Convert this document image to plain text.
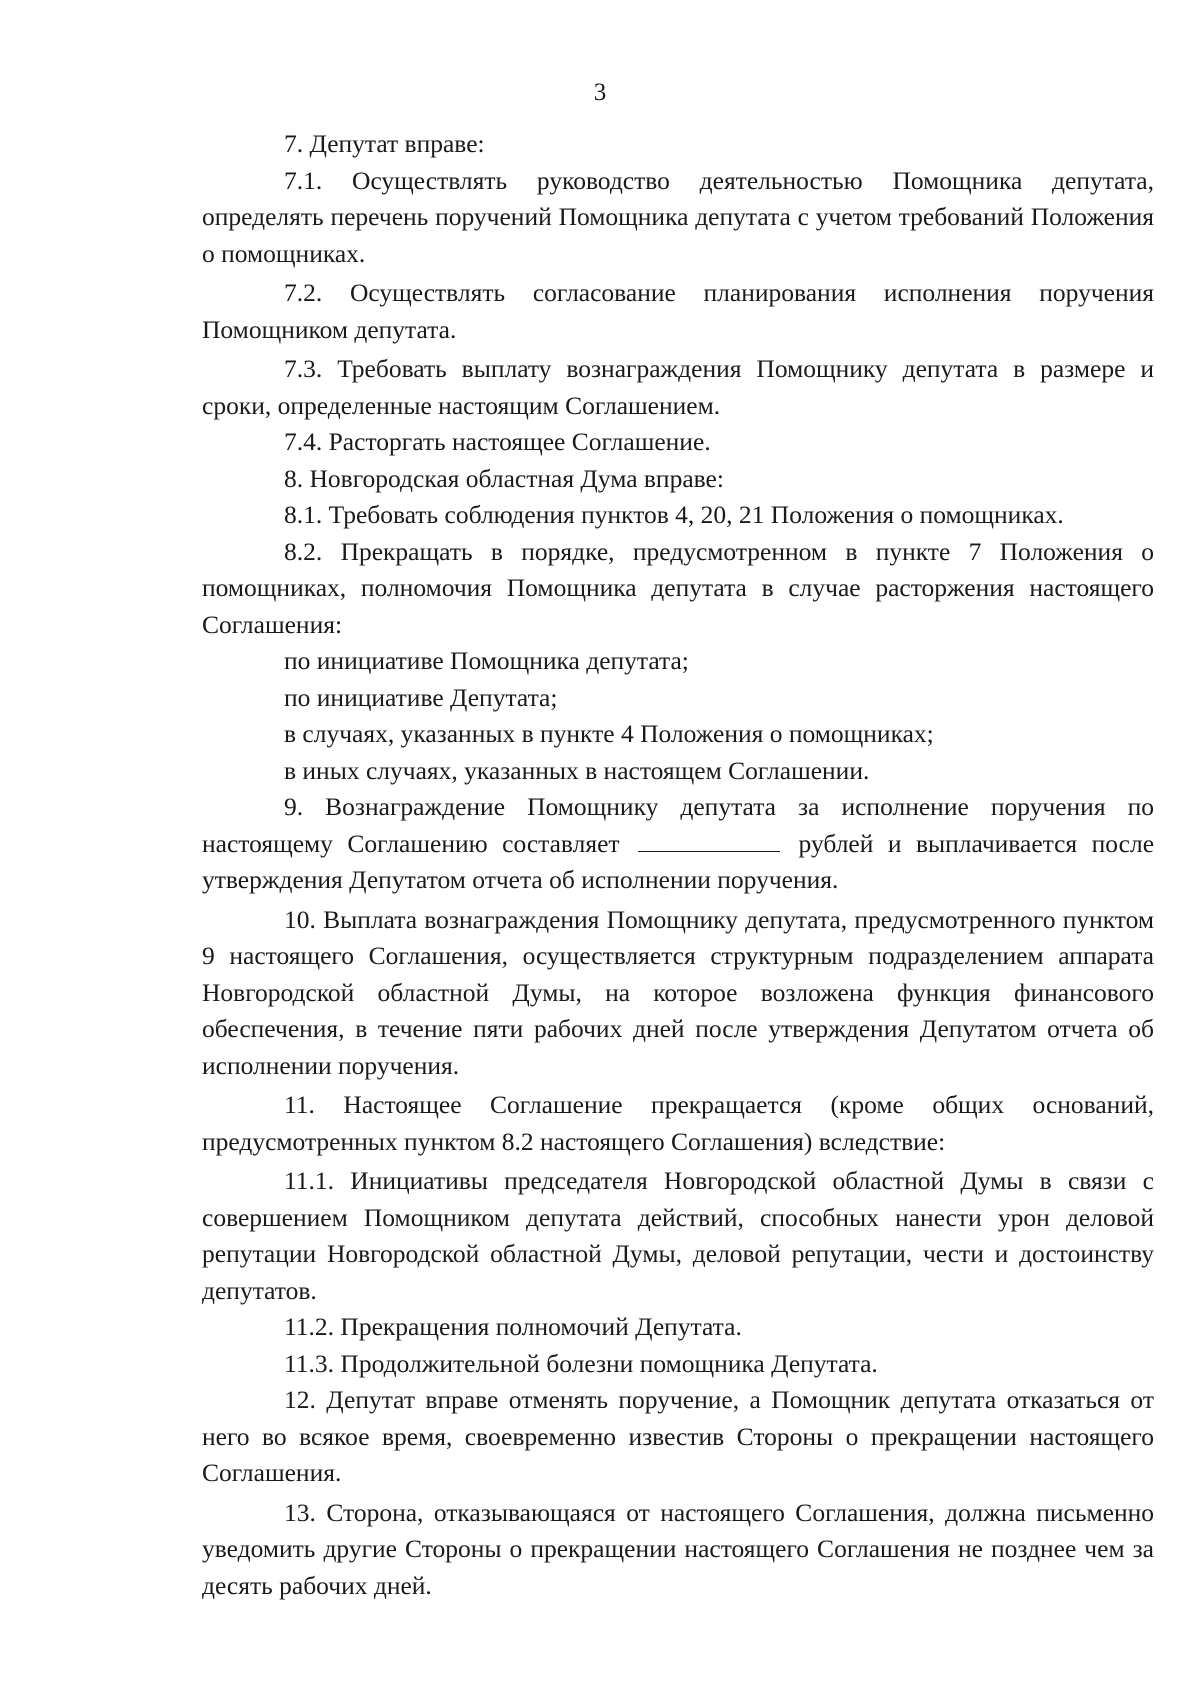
3

7. Депутат вправе:

7.1. Осуществлять руководство деятельностью Помощника депутата, определять перечень поручений Помощника депутата с учетом требований Положения о помощниках.

7.2. Осуществлять согласование планирования исполнения поручения Помощником депутата.

7.3. Требовать выплату вознаграждения Помощнику депутата в размере и сроки, определенные настоящим Соглашением.

7.4. Расторгать настоящее Соглашение.

8. Новгородская областная Дума вправе:

8.1. Требовать соблюдения пунктов 4, 20, 21 Положения о помощниках.

8.2. Прекращать в порядке, предусмотренном в пункте 7 Положения о помощниках, полномочия Помощника депутата в случае расторжения настоящего Соглашения:

по инициативе Помощника депутата;

по инициативе Депутата;

в случаях, указанных в пункте 4 Положения о помощниках;

в иных случаях, указанных в настоящем Соглашении.

9. Вознаграждение Помощнику депутата за исполнение поручения по настоящему Соглашению составляет	рублей и выплачивается после утверждения Депутатом отчета об исполнении поручения.

10. Выплата вознаграждения Помощнику депутата, предусмотренного пунктом 9 настоящего Соглашения, осуществляется структурным подразделением аппарата Новгородской областной Думы, на которое возложена функция финансового обеспечения, в течение пяти рабочих дней после утверждения Депутатом отчета об исполнении поручения.

11. Настоящее Соглашение прекращается (кроме общих оснований, предусмотренных пунктом 8.2 настоящего Соглашения) вследствие:

11.1. Инициативы председателя Новгородской областной Думы в связи с совершением Помощником депутата действий, способных нанести урон деловой репутации Новгородской областной Думы, деловой репутации, чести и достоинству депутатов.

11.2. Прекращения полномочий Депутата.

11.3. Продолжительной болезни помощника Депутата.

12. Депутат вправе отменять поручение, а Помощник депутата отказаться от него во всякое время, своевременно известив Стороны о прекращении настоящего Соглашения.

13. Сторона, отказывающаяся от настоящего Соглашения, должна письменно уведомить другие Стороны о прекращении настоящего Соглашения не позднее чем за десять рабочих дней.
